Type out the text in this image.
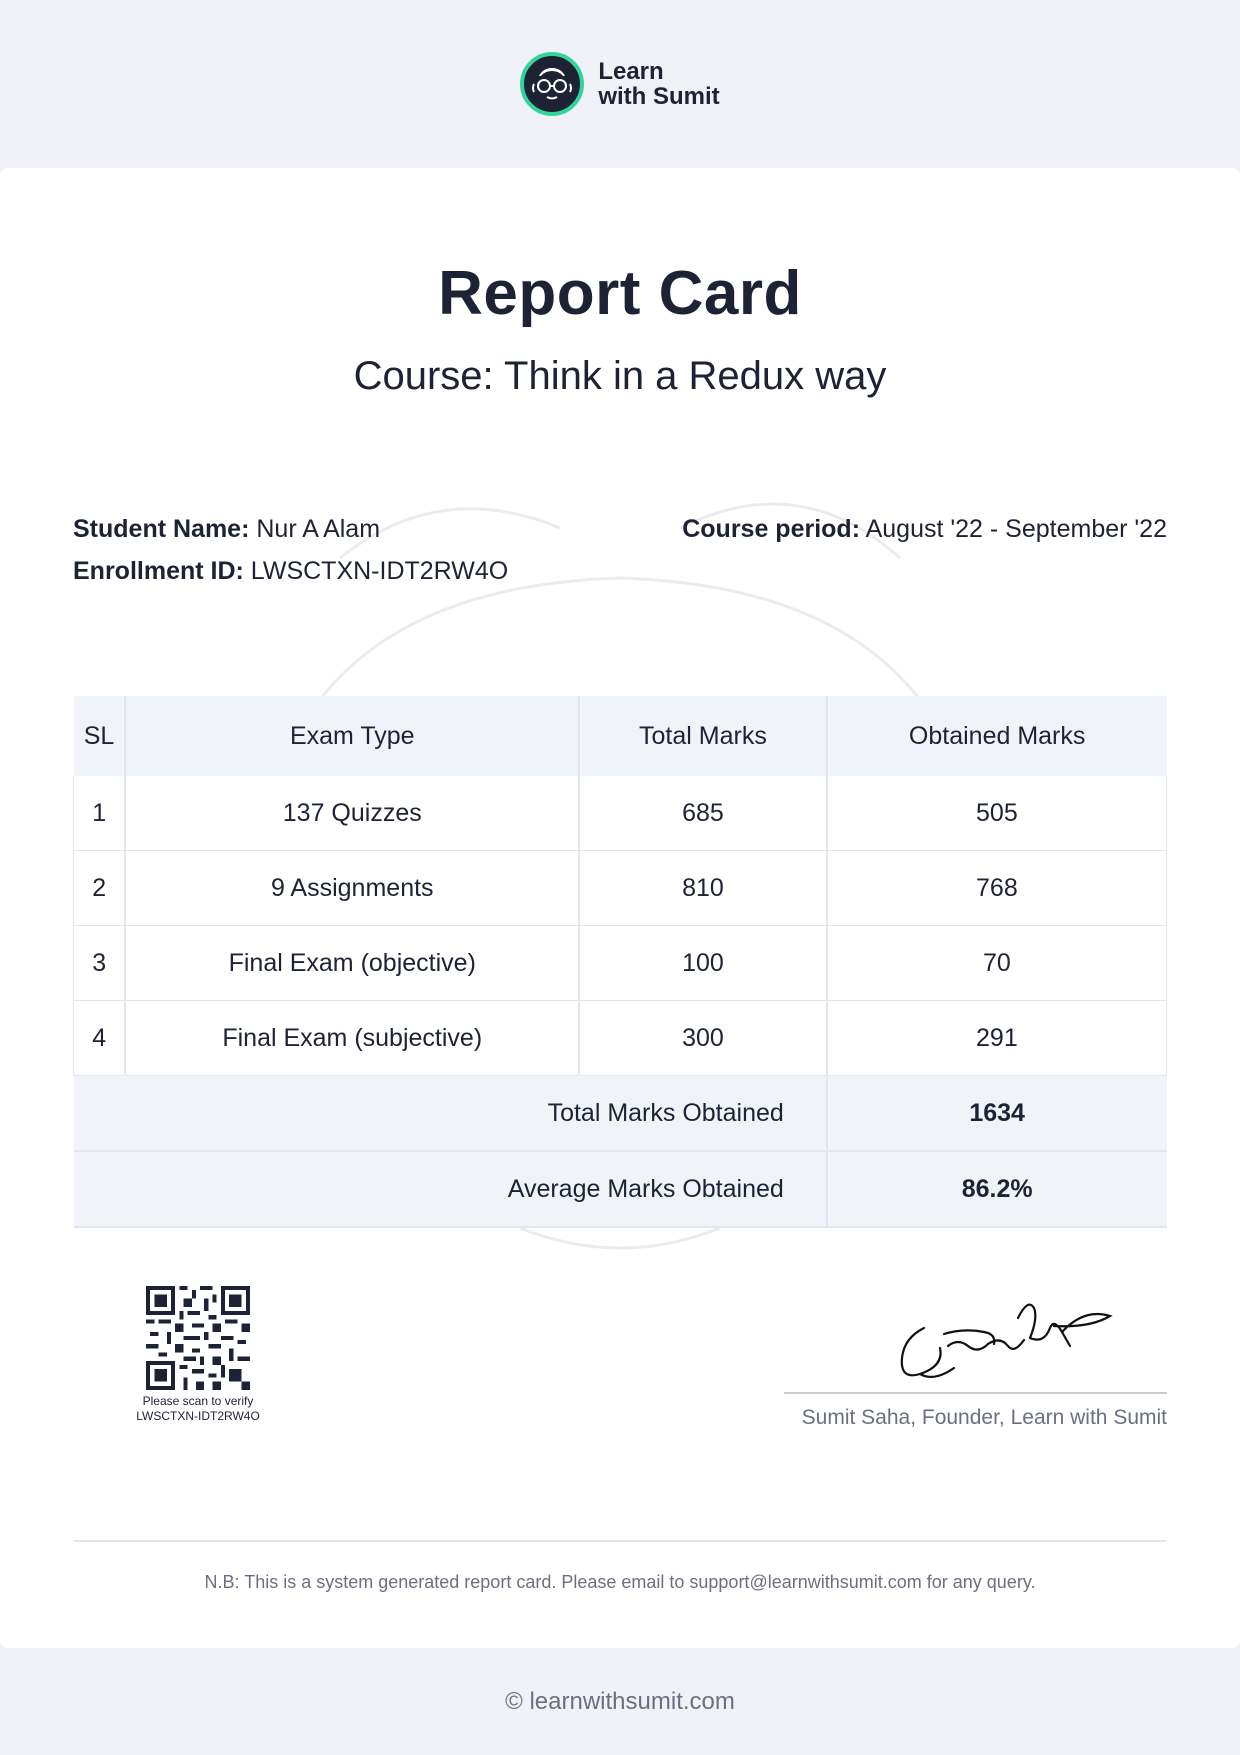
Learn
with Sumit
Report Card
Course: Think in a Redux way
Student Name: Nur A Alam
Enrollment ID: LWSCTXN-IDT2RW4O
Course period: August '22 - September '22
SL	Exam Type	Total Marks	Obtained Marks
1	137 Quizzes	685	505
2	9 Assignments	810	768
3	Final Exam (objective)	100	70
4	Final Exam (subjective)	300	291
Total Marks Obtained			1634
Average Marks Obtained			86.2%
Please scan to verify
LWSCTXN-IDT2RW4O	Sumit Saha, Founder, Learn with Sumit
N.B: This is a system generated report card. Please email to support@learnwithsumit.com for any query.
© learnwithsumit.com
